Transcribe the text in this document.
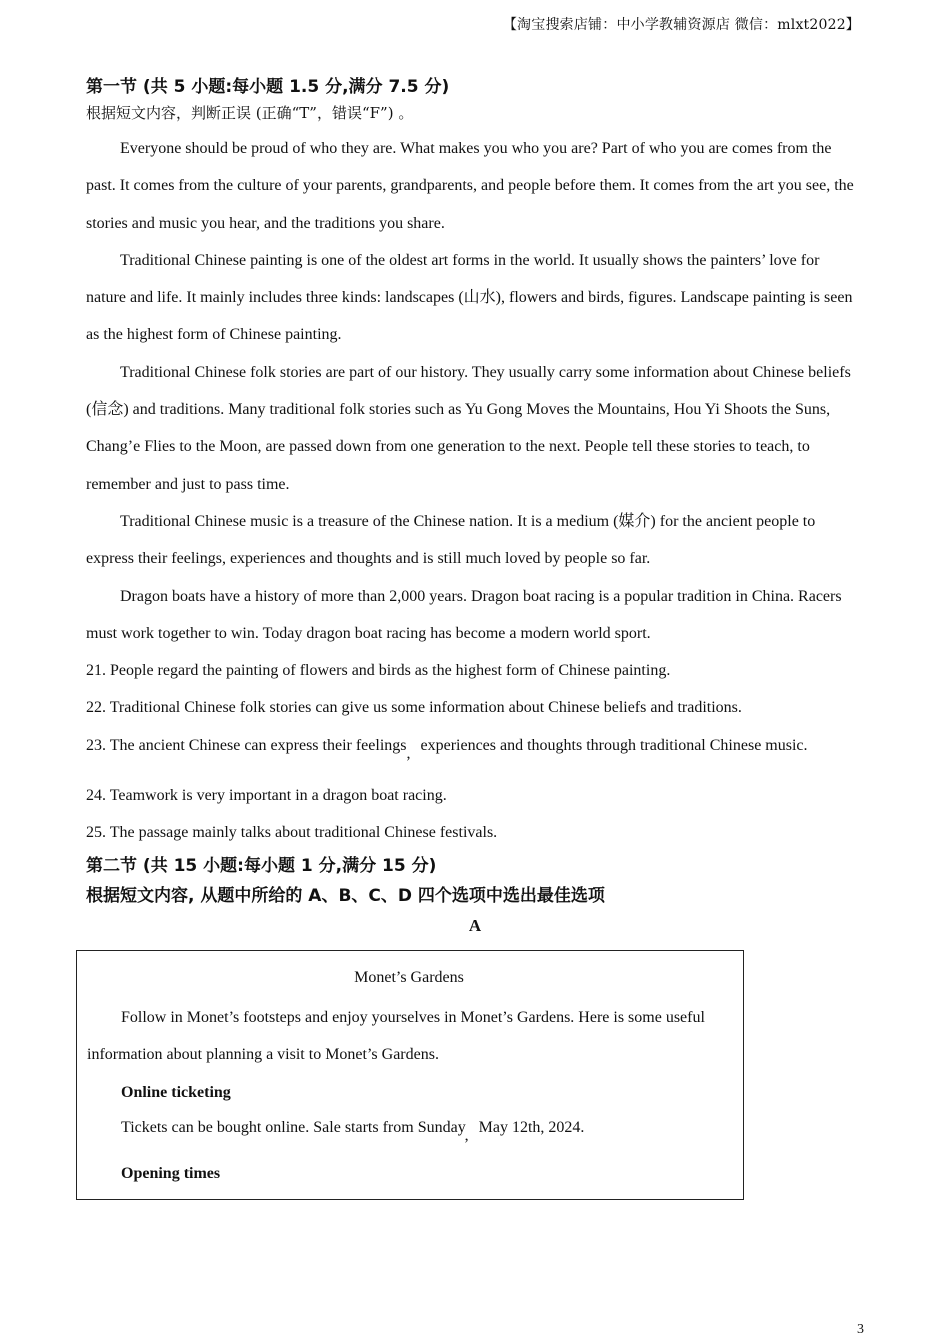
【淘宝搜索店铺：中小学教辅资源店 微信：mlxt2022】

第一节 (共 5 小题:每小题 1.5 分,满分 7.5 分)

根据短文内容，判断正误 (正确“T”，错误“F”) 。

Everyone should be proud of who they are. What makes you who you are? Part of who you are comes from the past. It comes from the culture of your parents, grandparents, and people before them. It comes from the art you see, the stories and music you hear, and the traditions you share.

Traditional Chinese painting is one of the oldest art forms in the world. It usually shows the painters’ love for nature and life. It mainly includes three kinds: landscapes (山水), flowers and birds, figures. Landscape painting is seen as the highest form of Chinese painting.

Traditional Chinese folk stories are part of our history. They usually carry some information about Chinese beliefs (信念) and traditions. Many traditional folk stories such as Yu Gong Moves the Mountains, Hou Yi Shoots the Suns, Chang’e Flies to the Moon, are passed down from one generation to the next. People tell these stories to teach, to remember and just to pass time.

Traditional Chinese music is a treasure of the Chinese nation. It is a medium (媒介) for the ancient people to express their feelings, experiences and thoughts and is still much loved by people so far.

Dragon boats have a history of more than 2,000 years. Dragon boat racing is a popular tradition in China. Racers must work together to win. Today dragon boat racing has become a modern world sport.

21. People regard the painting of flowers and birds as the highest form of Chinese painting.

22. Traditional Chinese folk stories can give us some information about Chinese beliefs and traditions.

23. The ancient Chinese can express their feelings, experiences and thoughts through traditional Chinese music.

24. Teamwork is very important in a dragon boat racing.

25. The passage mainly talks about traditional Chinese festivals.

第二节 (共 15 小题:每小题 1 分,满分 15 分)

根据短文内容, 从题中所给的 A、B、C、D 四个选项中选出最佳选项

A

Monet’s Gardens

Follow in Monet’s footsteps and enjoy yourselves in Monet’s Gardens. Here is some useful information about planning a visit to Monet’s Gardens.

Online ticketing

Tickets can be bought online. Sale starts from Sunday, May 12th, 2024.

Opening times

3
